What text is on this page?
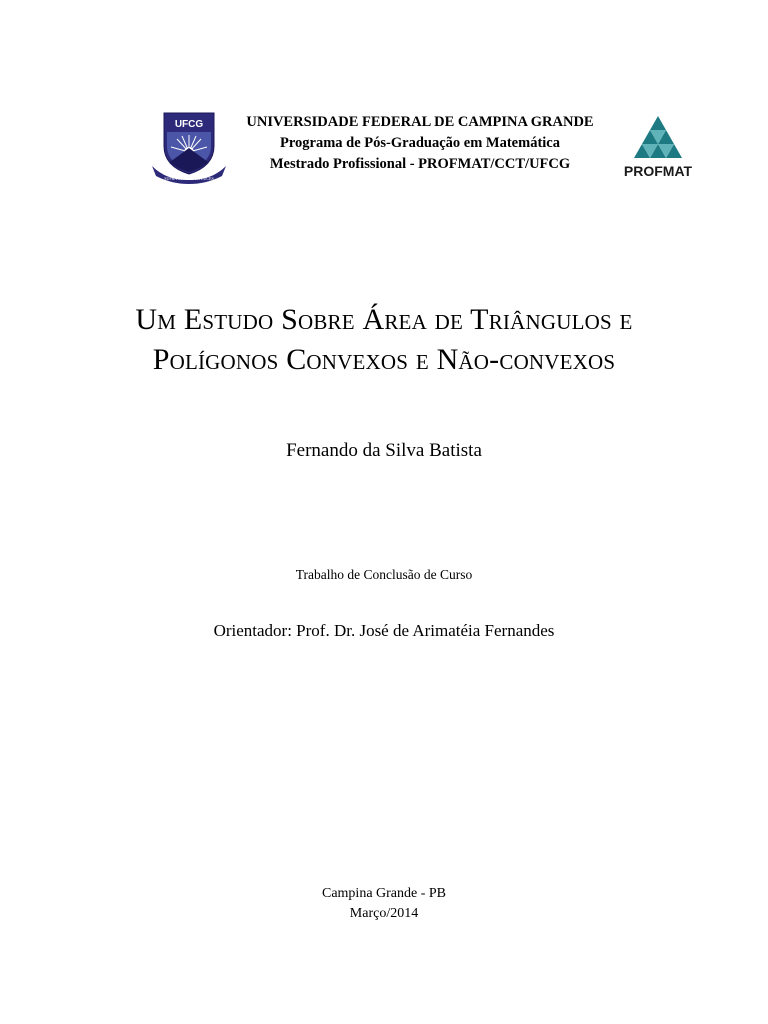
UFCG
SUPRA OMNIS LUX LUCES
UNIVERSIDADE FEDERAL DE CAMPINA GRANDE
Programa de Pós-Graduação em Matemática
Mestrado Profissional - PROFMAT/CCT/UFCG	PROFMAT
Um Estudo Sobre Área de Triângulos e
Polígonos Convexos e Não-convexos
Fernando da Silva Batista
Trabalho de Conclusão de Curso
Orientador: Prof. Dr. José de Arimatéia Fernandes
Campina Grande - PB
Março/2014
